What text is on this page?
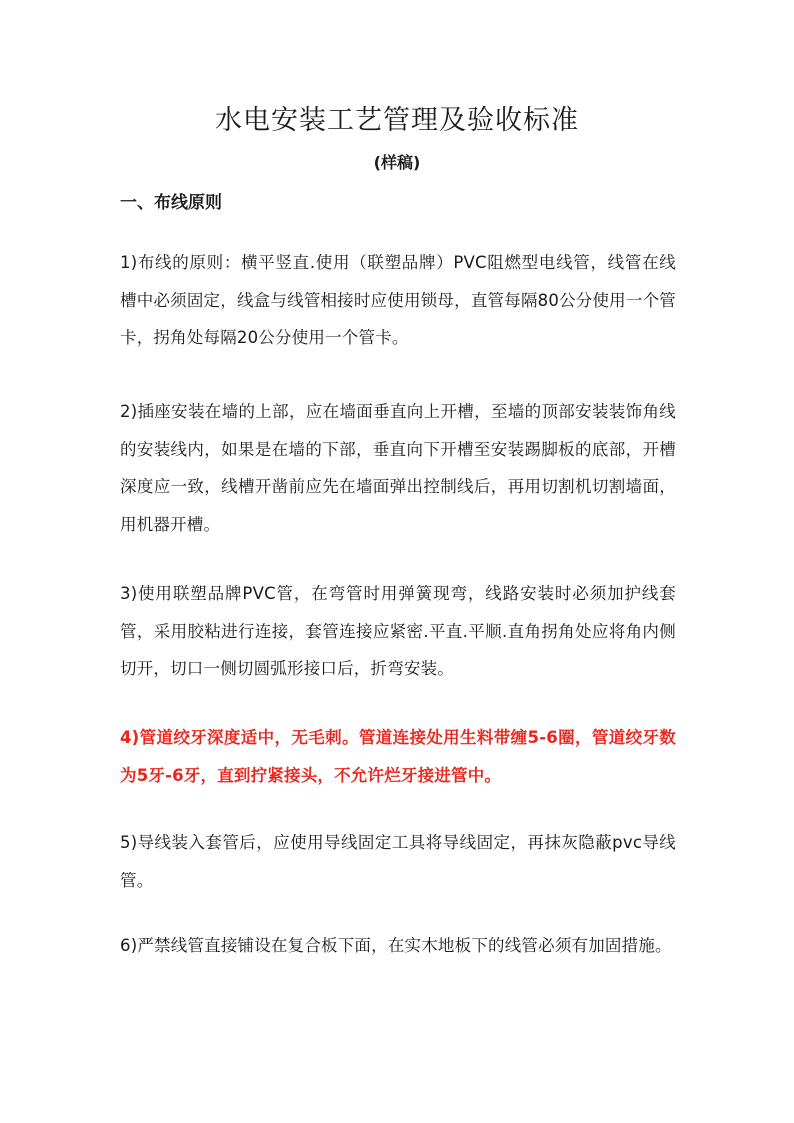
水电安装工艺管理及验收标准
(样稿)
一、布线原则

1)布线的原则：横平竖直.使用（联塑品牌）PVC阻燃型电线管，线管在线槽中必须固定，线盒与线管相接时应使用锁母，直管每隔80公分使用一个管卡，拐角处每隔20公分使用一个管卡。

2)插座安装在墙的上部，应在墙面垂直向上开槽，至墙的顶部安装装饰角线的安装线内，如果是在墙的下部，垂直向下开槽至安装踢脚板的底部，开槽深度应一致，线槽开凿前应先在墙面弹出控制线后，再用切割机切割墙面，用机器开槽。

3)使用联塑品牌PVC管，在弯管时用弹簧现弯，线路安装时必须加护线套管，采用胶粘进行连接，套管连接应紧密.平直.平顺.直角拐角处应将角内侧切开，切口一侧切圆弧形接口后，折弯安装。

4)管道绞牙深度适中，无毛刺。管道连接处用生料带缠5-6圈，管道绞牙数为5牙-6牙，直到拧紧接头，不允许烂牙接进管中。

5)导线装入套管后，应使用导线固定工具将导线固定，再抹灰隐蔽pvc导线管。

6)严禁线管直接铺设在复合板下面，在实木地板下的线管必须有加固措施。
